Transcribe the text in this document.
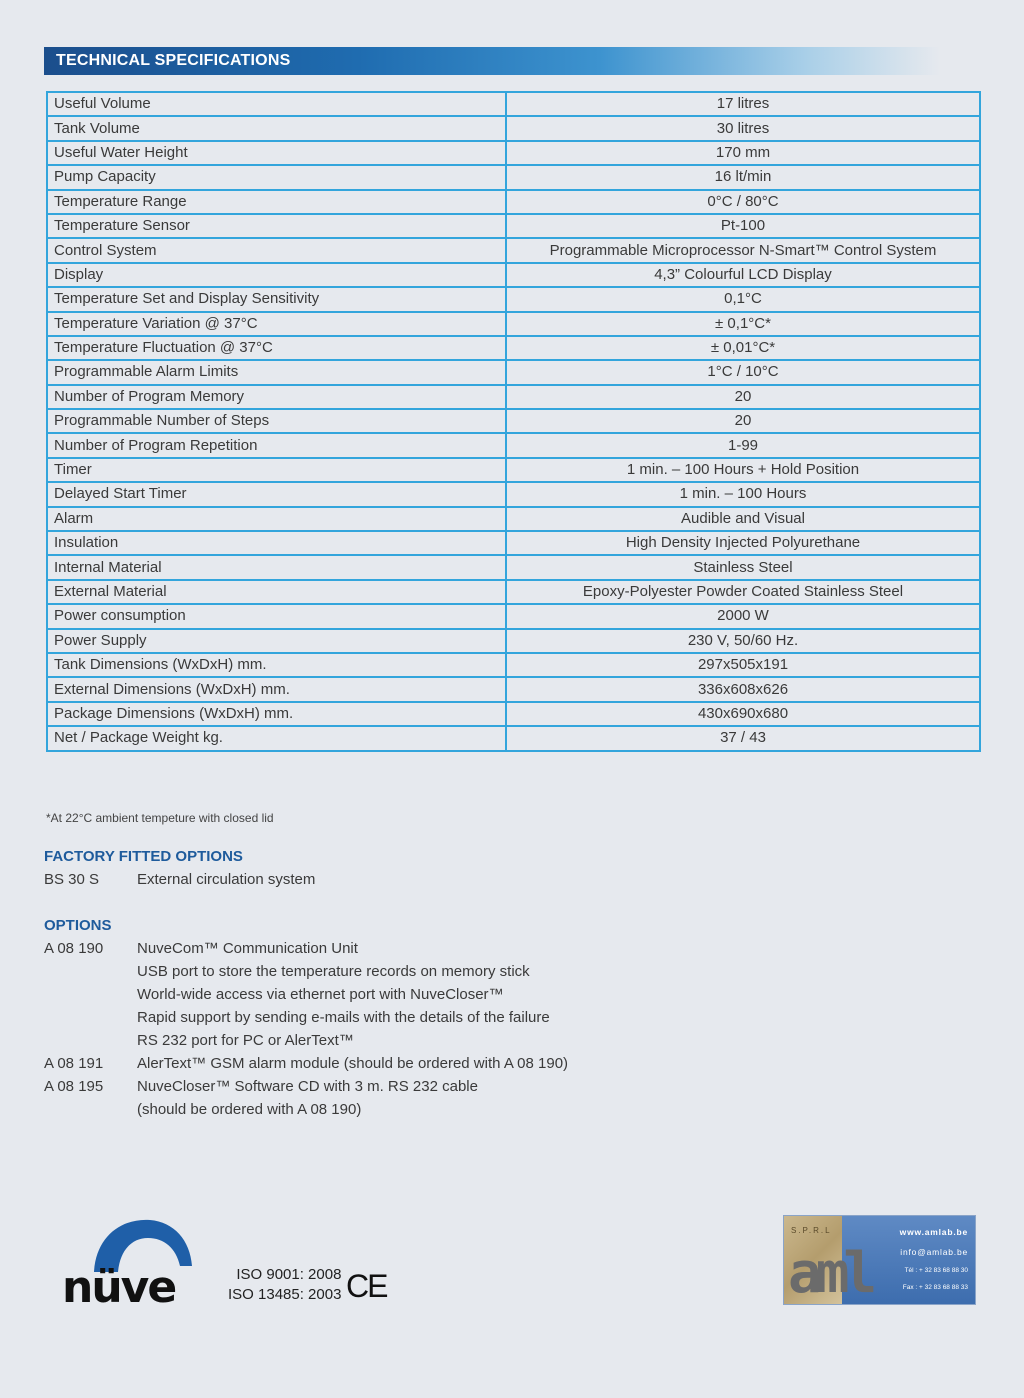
TECHNICAL SPECIFICATIONS
Useful Volume	17 litres
Tank Volume	30 litres
Useful Water Height	170 mm
Pump Capacity	16 lt/min
Temperature Range	0°C / 80°C
Temperature Sensor	Pt-100
Control System	Programmable Microprocessor N-Smart™ Control System
Display	4,3” Colourful LCD Display
Temperature Set and Display Sensitivity	0,1°C
Temperature Variation @ 37°C	± 0,1°C*
Temperature Fluctuation @ 37°C	± 0,01°C*
Programmable Alarm Limits	1°C / 10°C
Number of Program Memory	20
Programmable Number of Steps	20
Number of Program Repetition	1-99
Timer	1 min. – 100 Hours + Hold Position
Delayed Start Timer	1 min. – 100 Hours
Alarm	Audible and Visual
Insulation	High Density Injected Polyurethane
Internal Material	Stainless Steel
External Material	Epoxy-Polyester Powder Coated Stainless Steel
Power consumption	2000 W
Power Supply	230 V, 50/60 Hz.
Tank Dimensions (WxDxH) mm.	297x505x191
External Dimensions (WxDxH) mm.	336x608x626
Package Dimensions (WxDxH) mm.	430x690x680
Net / Package Weight kg.	37 / 43
*At 22°C ambient tempeture with closed lid
FACTORY FITTED OPTIONS
BS 30 S	External circulation system
OPTIONS
A 08 190	NuveCom™ Communication Unit
USB port to store the temperature records on memory stick
World-wide access via ethernet port with NuveCloser™
Rapid support by sending e-mails with the details of the failure
RS 232 port for PC or AlerText™
A 08 191	AlerText™ GSM alarm module (should be ordered with A 08 190)
A 08 195	NuveCloser™ Software CD with 3 m. RS 232 cable
(should be ordered with A 08 190)
nüve	ISO 9001: 2008
ISO 13485: 2003 CE
S.P.R.L
aml
www.amlab.be
info@amlab.be
Tél : + 32 83 68 88 30
Fax : + 32 83 68 88 33
